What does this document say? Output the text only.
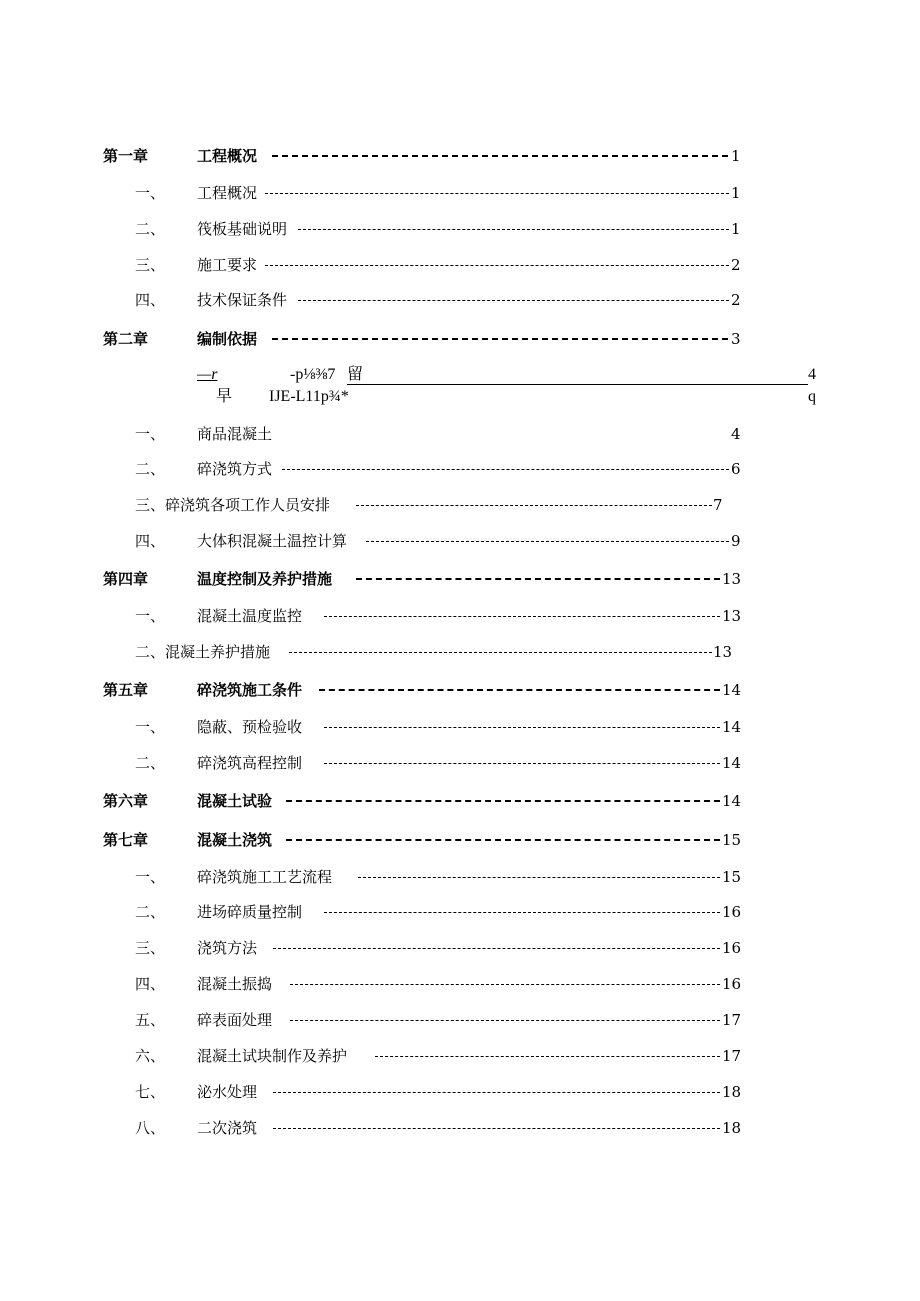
第一章	工程概况	1
一、 工程概况	1
二、 筏板基础说明	1
三、 施工要求	2
四、 技术保证条件	2
第二章	编制依据	3
—r	-p⅛⅜7 留	4
早 IJE-L11p¾*	q
一、 商品混凝土	4
二、 碎浇筑方式	6
三、碎浇筑各项工作人员安排	7
四、 大体积混凝土温控计算	9
第四章	温度控制及养护措施	13
一、 混凝土温度监控	13
二、混凝土养护措施	13
第五章	碎浇筑施工条件	14
一、 隐蔽、预检验收	14
二、 碎浇筑高程控制	14
第六章	混凝土试验	14
第七章	混凝土浇筑	15
一、 碎浇筑施工工艺流程	15
二、 进场碎质量控制	16
三、 浇筑方法	16
四、 混凝土振捣	16
五、 碎表面处理	17
六、 混凝土试块制作及养护	17
七、 泌水处理	18
八、 二次浇筑	18
